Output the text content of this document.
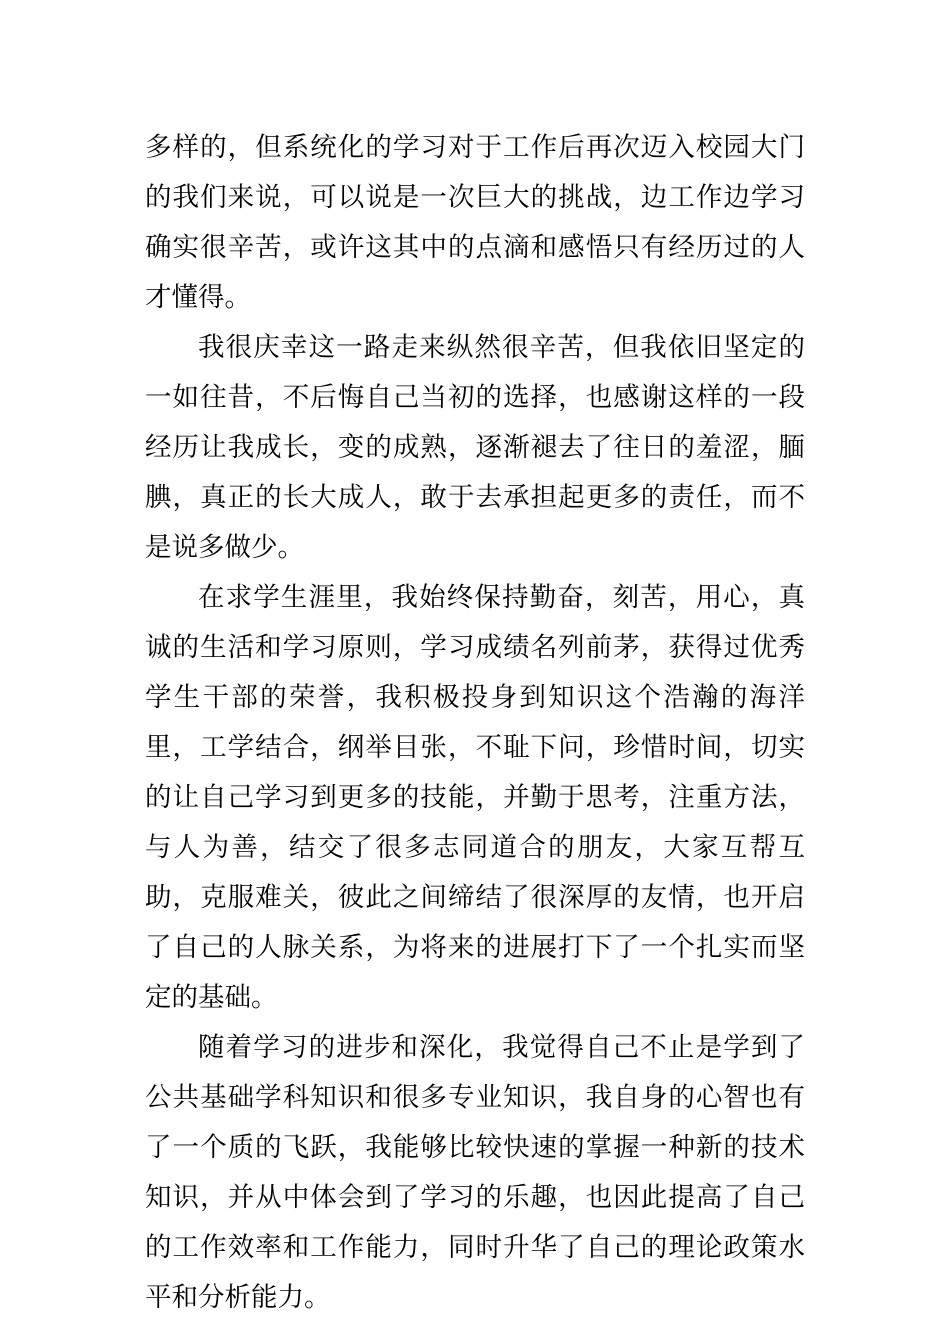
多样的，但系统化的学习对于工作后再次迈入校园大门的我们来说，可以说是一次巨大的挑战，边工作边学习确实很辛苦，或许这其中的点滴和感悟只有经历过的人才懂得。

我很庆幸这一路走来纵然很辛苦，但我依旧坚定的一如往昔，不后悔自己当初的选择，也感谢这样的一段经历让我成长，变的成熟，逐渐褪去了往日的羞涩，腼腆，真正的长大成人，敢于去承担起更多的责任，而不是说多做少。

在求学生涯里，我始终保持勤奋，刻苦，用心，真诚的生活和学习原则，学习成绩名列前茅，获得过优秀学生干部的荣誉，我积极投身到知识这个浩瀚的海洋里，工学结合，纲举目张，不耻下问，珍惜时间，切实的让自己学习到更多的技能，并勤于思考，注重方法，与人为善，结交了很多志同道合的朋友，大家互帮互助，克服难关，彼此之间缔结了很深厚的友情，也开启了自己的人脉关系，为将来的进展打下了一个扎实而坚定的基础。

随着学习的进步和深化，我觉得自己不止是学到了公共基础学科知识和很多专业知识，我自身的心智也有了一个质的飞跃，我能够比较快速的掌握一种新的技术知识，并从中体会到了学习的乐趣，也因此提高了自己的工作效率和工作能力，同时升华了自己的理论政策水平和分析能力。
